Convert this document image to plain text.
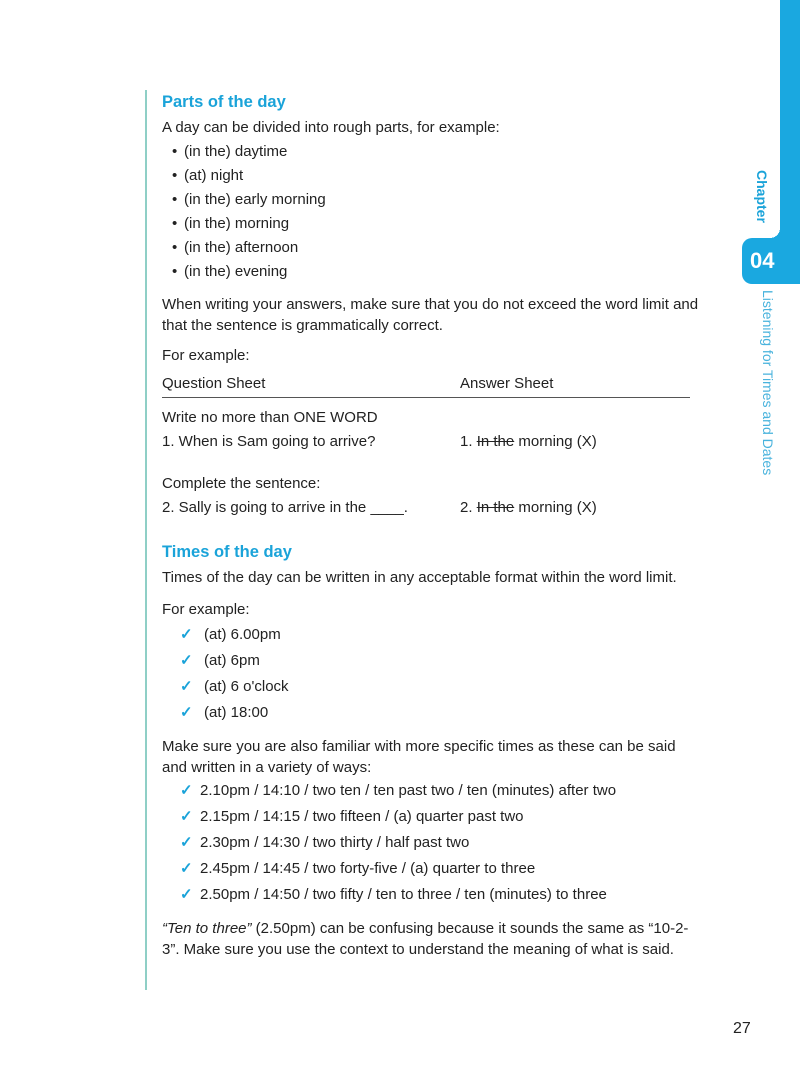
04
Chapter
Listening for Times and Dates
Parts of the day

A day can be divided into rough parts, for example:

• (in the) daytime
• (at) night
• (in the) early morning
• (in the) morning
• (in the) afternoon
• (in the) evening

When writing your answers, make sure that you do not exceed the word limit and that the sentence is grammatically correct.

For example:

Question Sheet	Answer Sheet

Write no more than ONE WORD

1. When is Sam going to arrive?	1. In the morning (X)

Complete the sentence:

2. Sally is going to arrive in the ____.	2. In the morning (X)
Times of the day

Times of the day can be written in any acceptable format within the word limit.

For example:

✓ (at) 6.00pm
✓ (at) 6pm
✓ (at) 6 o'clock
✓ (at) 18:00

Make sure you are also familiar with more specific times as these can be said and written in a variety of ways:

✓ 2.10pm / 14:10 / two ten / ten past two / ten (minutes) after two
✓ 2.15pm / 14:15 / two fifteen / (a) quarter past two
✓ 2.30pm / 14:30 / two thirty / half past two
✓ 2.45pm / 14:45 / two forty-five / (a) quarter to three
✓ 2.50pm / 14:50 / two fifty / ten to three / ten (minutes) to three

“Ten to three” (2.50pm) can be confusing because it sounds the same as “10-2-3”. Make sure you use the context to understand the meaning of what is said.

27
